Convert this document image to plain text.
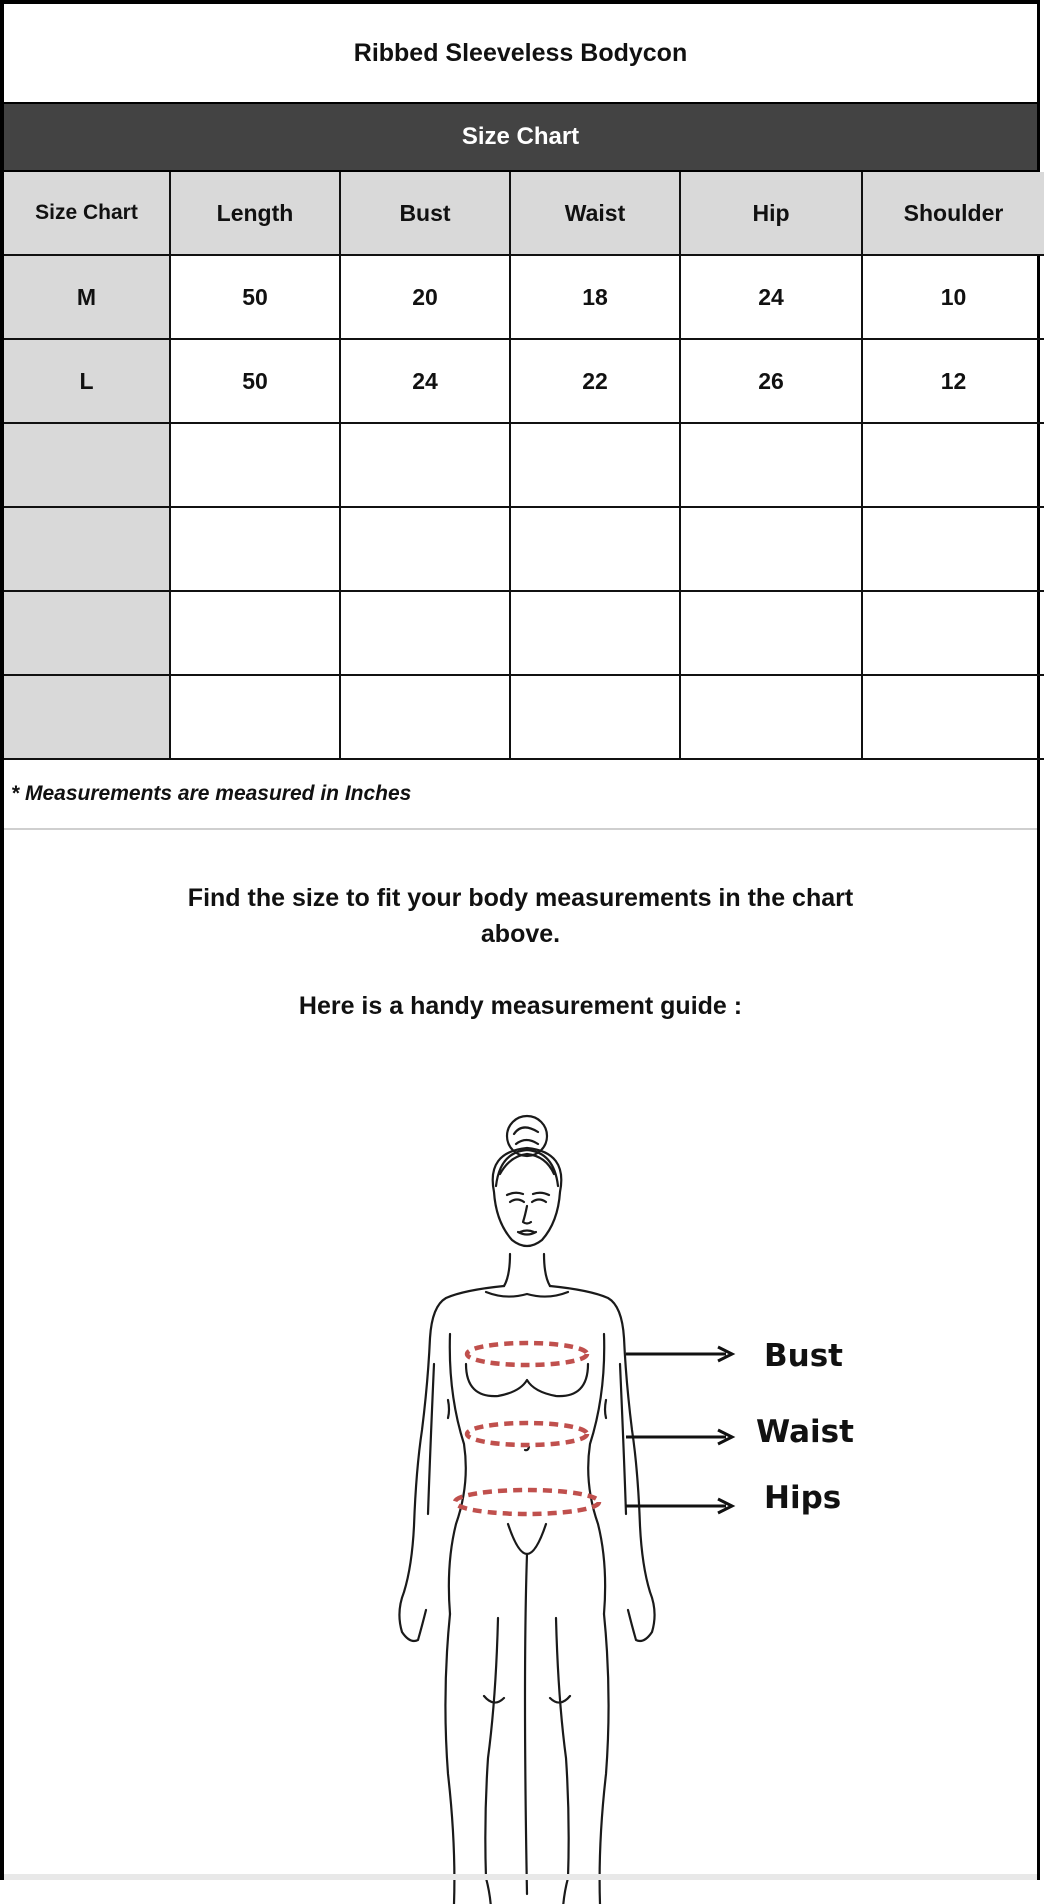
Ribbed Sleeveless Bodycon
Size Chart
Size Chart	Length	Bust	Waist	Hip	Shoulder
M	50	20	18	24	10
L	50	24	22	26	12

* Measurements are measured in Inches
Find the size to fit your body measurements in the chart above.
Here is a handy measurement guide :
Bust
Waist
Hips
